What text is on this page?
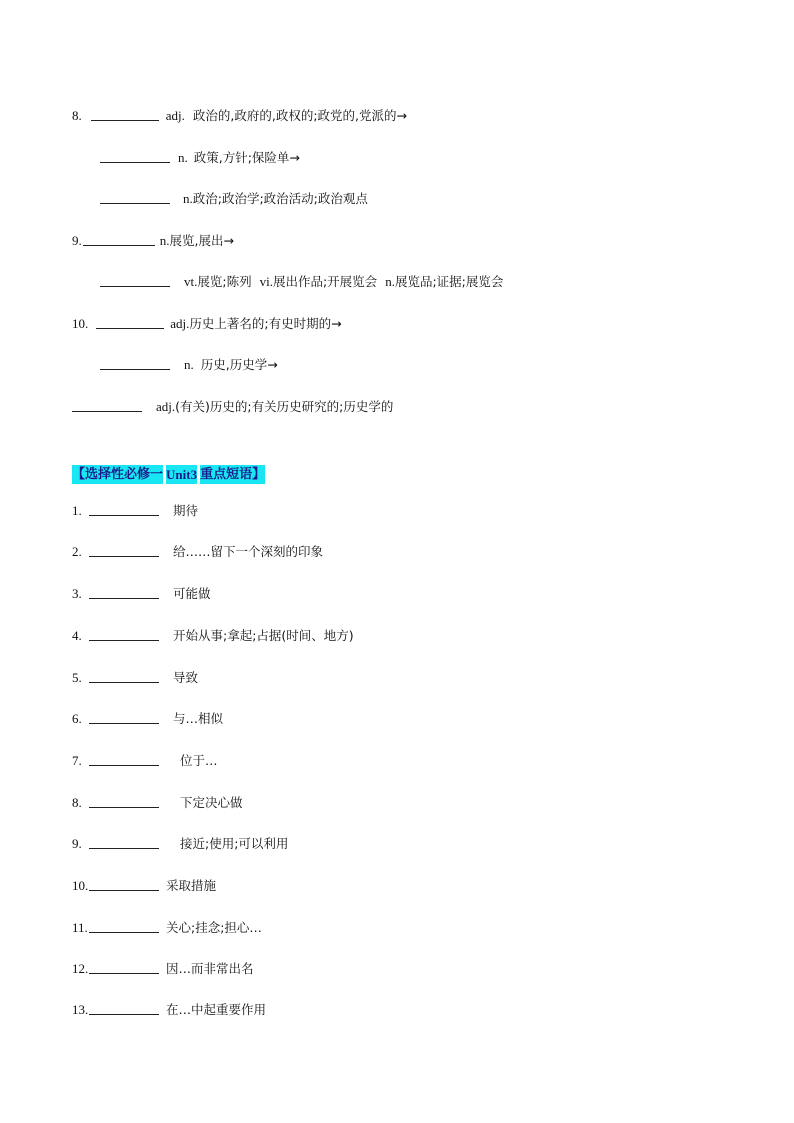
8.	adj. 政治的,政府的,政权的;政党的,党派的→
n. 政策,方针;保险单→
n. 政治;政治学;政治活动;政治观点
9.	n. 展览,展出→
vt. 展览;陈列 vi. 展出作品;开展览会 n. 展览品;证据;展览会
10.	adj. 历史上著名的;有史时期的→
n. 历史,历史学→
adj. (有关)历史的;有关历史研究的;历史学的
【选择性必修一 Unit3 重点短语】
1.	期待
2.	给……留下一个深刻的印象
3.	可能做
4.	开始从事;拿起;占据(时间、地方)
5.	导致
6.	与…相似
7.	位于…
8.	下定决心做
9.	接近;使用;可以利用
10.	采取措施
11.	关心;挂念;担心…
12.	因…而非常出名
13.	在…中起重要作用
